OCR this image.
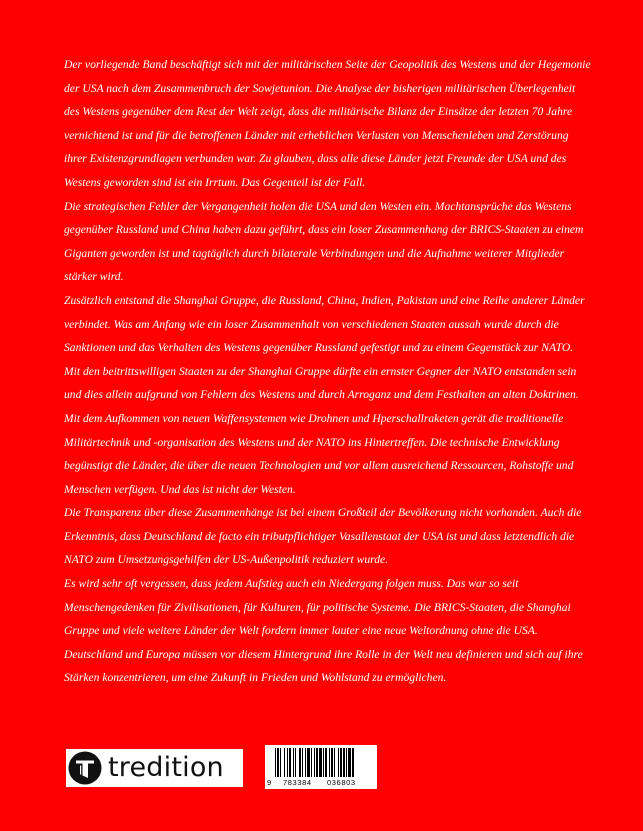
Der vorliegende Band beschäftigt sich mit der militärischen Seite der Geopolitik des Westens und der Hegemonie der USA nach dem Zusammenbruch der Sowjetunion. Die Analyse der bisherigen militärischen Überlegenheit des Westens gegenüber dem Rest der Welt zeigt, dass die militärische Bilanz der Einsätze der letzten 70 Jahre vernichtend ist und für die betroffenen Länder mit erheblichen Verlusten von Menschenleben und Zerstörung ihrer Existenzgrundlagen verbunden war. Zu glauben, dass alle diese Länder jetzt Freunde der USA und des Westens geworden sind ist ein Irrtum. Das Gegenteil ist der Fall.

Die strategischen Fehler der Vergangenheit holen die USA und den Westen ein. Machtansprüche das Westens gegenüber Russland und China haben dazu geführt, dass ein loser Zusammenhang der BRICS-Staaten zu einem Giganten geworden ist und tagtäglich durch bilaterale Verbindungen und die Aufnahme weiterer Mitglieder stärker wird.

Zusätzlich entstand die Shanghai Gruppe, die Russland, China, Indien, Pakistan und eine Reihe anderer Länder verbindet. Was am Anfang wie ein loser Zusammenhalt von verschiedenen Staaten aussah wurde durch die Sanktionen und das Verhalten des Westens gegenüber Russland gefestigt und zu einem Gegenstück zur NATO. Mit den beitrittswilligen Staaten zu der Shanghai Gruppe dürfte ein ernster Gegner der NATO entstanden sein und dies allein aufgrund von Fehlern des Westens und durch Arroganz und dem Festhalten an alten Doktrinen. Mit dem Aufkommen von neuen Waffensystemen wie Drohnen und Hperschallraketen gerät die traditionelle Militärtechnik und -organisation des Westens und der NATO ins Hintertreffen. Die technische Entwicklung begünstigt die Länder, die über die neuen Technologien und vor allem ausreichend Ressourcen, Rohstoffe und Menschen verfügen. Und das ist nicht der Westen.

Die Transparenz über diese Zusammenhänge ist bei einem Großteil der Bevölkerung nicht vorhanden. Auch die Erkenntnis, dass Deutschland de facto ein tributpflichtiger Vasallenstaat der USA ist und dass letztendlich die NATO zum Umsetzungsgehilfen der US-Außenpolitik reduziert wurde.

Es wird sehr oft vergessen, dass jedem Aufstieg auch ein Niedergang folgen muss. Das war so seit Menschengedenken für Zivilisationen, für Kulturen, für politische Systeme. Die BRICS-Staaten, die Shanghai Gruppe und viele weitere Länder der Welt fordern immer lauter eine neue Weltordnung ohne die USA. Deutschland und Europa müssen vor diesem Hintergrund ihre Rolle in der Welt neu definieren und sich auf ihre Stärken konzentrieren, um eine Zukunft in Frieden und Wohlstand zu ermöglichen.

tredition	9 783384 036803
